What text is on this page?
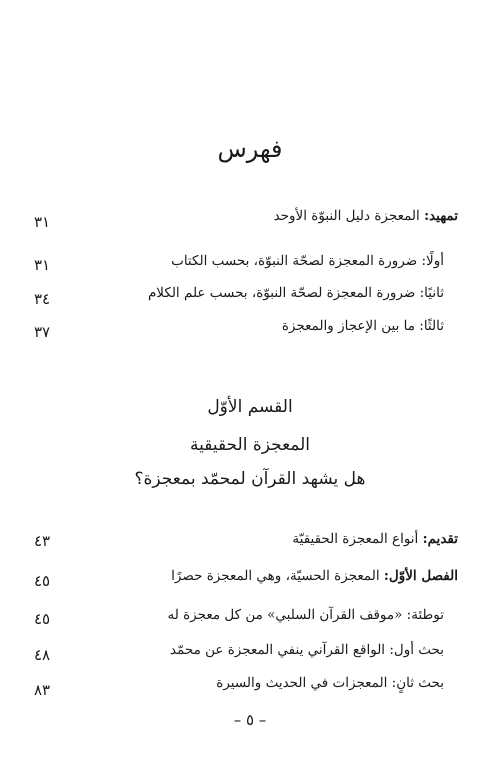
فهرس
تمهيد: المعجزة دليل النبوّة الأوحد
٣١
أولًا: ضرورة المعجزة لصحّة النبوّة، بحسب الكتاب
٣١
ثانيًا: ضرورة المعجزة لصحّة النبوّة، بحسب علم الكلام
٣٤
ثالثًا: ما بين الإعجاز والمعجزة
٣٧
القسم الأوّل
المعجزة الحقيقية
هل يشهد القرآن لمحمّد بمعجزة؟
تقديم: أنواع المعجزة الحقيقيّة
٤٣
الفصل الأوّل: المعجزة الحسيّة، وهي المعجزة حصرًا
٤٥
توطئة: «موقف القرآن السلبي» من كل معجزة له
٤٥
بحث أول: الواقع القرآني ينفي المعجزة عن محمّد
٤٨
بحث ثانٍ: المعجزات في الحديث والسيرة
٨٣
– ٥ –
